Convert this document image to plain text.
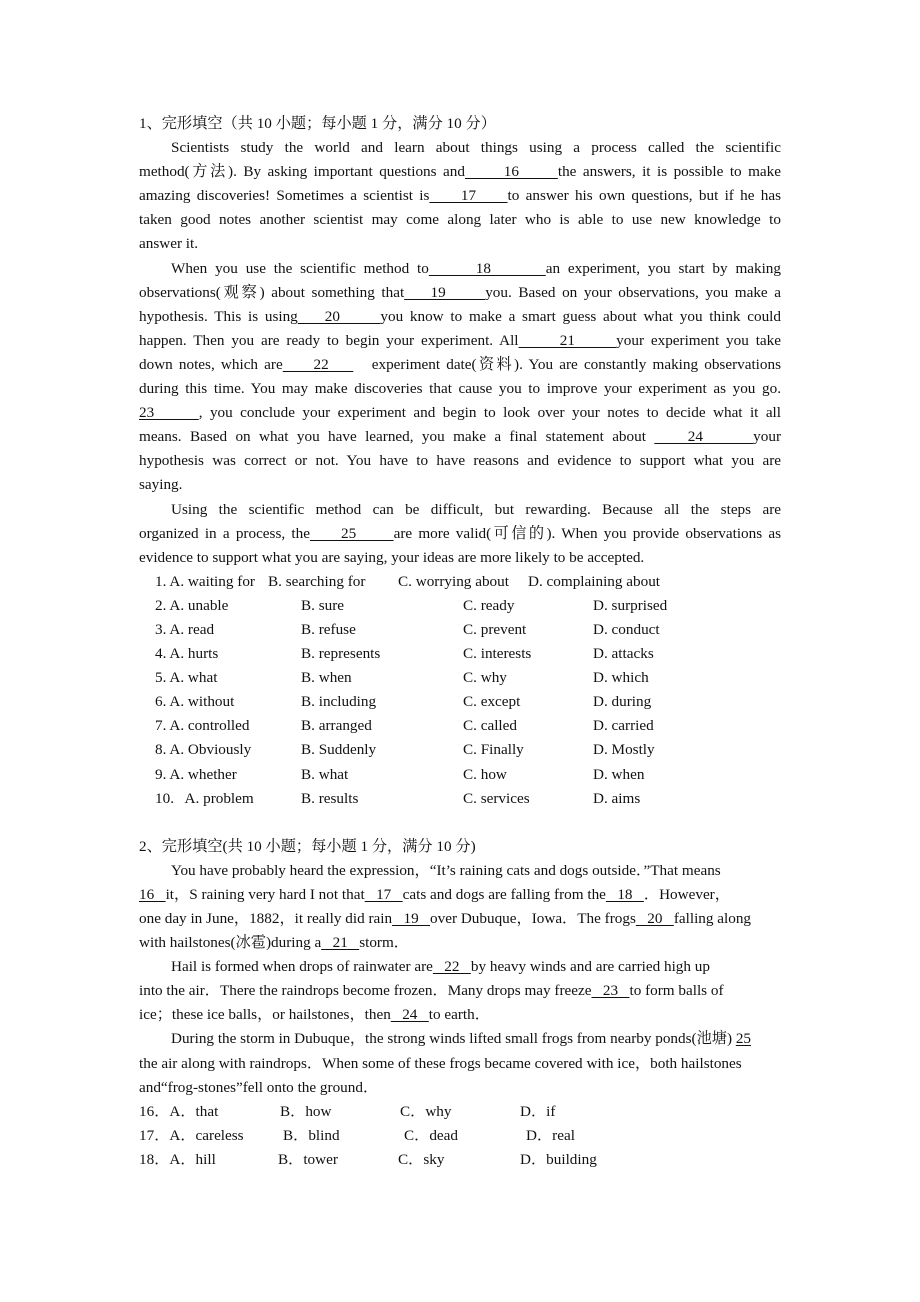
1、完形填空（共 10 小题；每小题 1 分，满分 10 分）
Scientists study the world and learn about things using a process called the scientific
method(方法). By asking important questions and      16      the answers, it is possible to make
amazing discoveries! Sometimes a scientist is     17     to answer his own questions, but if he has
taken good notes another scientist may come along later who is able to use new knowledge to
answer it.
When you use the scientific method to      18       an experiment, you start by making
observations(观察) about something that    19      you. Based on your observations, you make a
hypothesis. This is using    20      you know to make a smart guess about what you think could
happen. Then you are ready to begin your experiment. All      21      your experiment you take
down notes, which are     22       experiment date(资料). You are constantly making observations
during this time. You may make discoveries that cause you to improve your experiment as you go.
23      , you conclude your experiment and begin to look over your notes to decide what it all
means. Based on what you have learned, you make a final statement about     24      your
hypothesis was correct or not. You have to have reasons and evidence to support what you are
saying.
Using the scientific method can be difficult, but rewarding. Because all the steps are
organized in a process, the     25      are more valid(可信的). When you provide observations as
evidence to support what you are saying, your ideas are more likely to be accepted.
1. A. waiting for B. searching for C. worrying about D. complaining about
2. A. unable	B. sure	C. ready	D. surprised
3. A. read	B. refuse	C. prevent	D. conduct
4. A. hurts	B. represents	C. interests	D. attacks
5. A. what	B. when	C. why	D. which
6. A. without	B. including	C. except	D. during
7. A. controlled	B. arranged	C. called	D. carried
8. A. Obviously	B. Suddenly	C. Finally	D. Mostly
9. A. whether	B. what	C. how	D. when
10.   A. problem	B. results	C. services	D. aims
2、完形填空(共 10 小题；每小题 1 分，满分 10 分)
You have probably heard the expression，“It’s raining cats and dogs outside．”That means
16   it，S raining very hard I not that   17   cats and dogs are falling from the   18   ．However，
one day in June，1882，it really did rain   19   over Dubuque，Iowa．The frogs   20   falling along
with hailstones(冰雹)during a   21   storm．
Hail is formed when drops of rainwater are   22   by heavy winds and are carried high up
into the air．There the raindrops become frozen．Many drops may freeze   23   to form balls of
ice；these ice balls，or hailstones，then   24   to earth．
During the storm in Dubuque，the strong winds lifted small frogs from nearby ponds(池塘) 25
the air along with raindrops．When some of these frogs became covered with ice，both hailstones
and“frog-stones”fell onto the ground．
16．A．that	B．how	C．why	D．if
17．A．careless	B．blind	C．dead	D．real
18．A．hill	B．tower	C．sky	D．building
